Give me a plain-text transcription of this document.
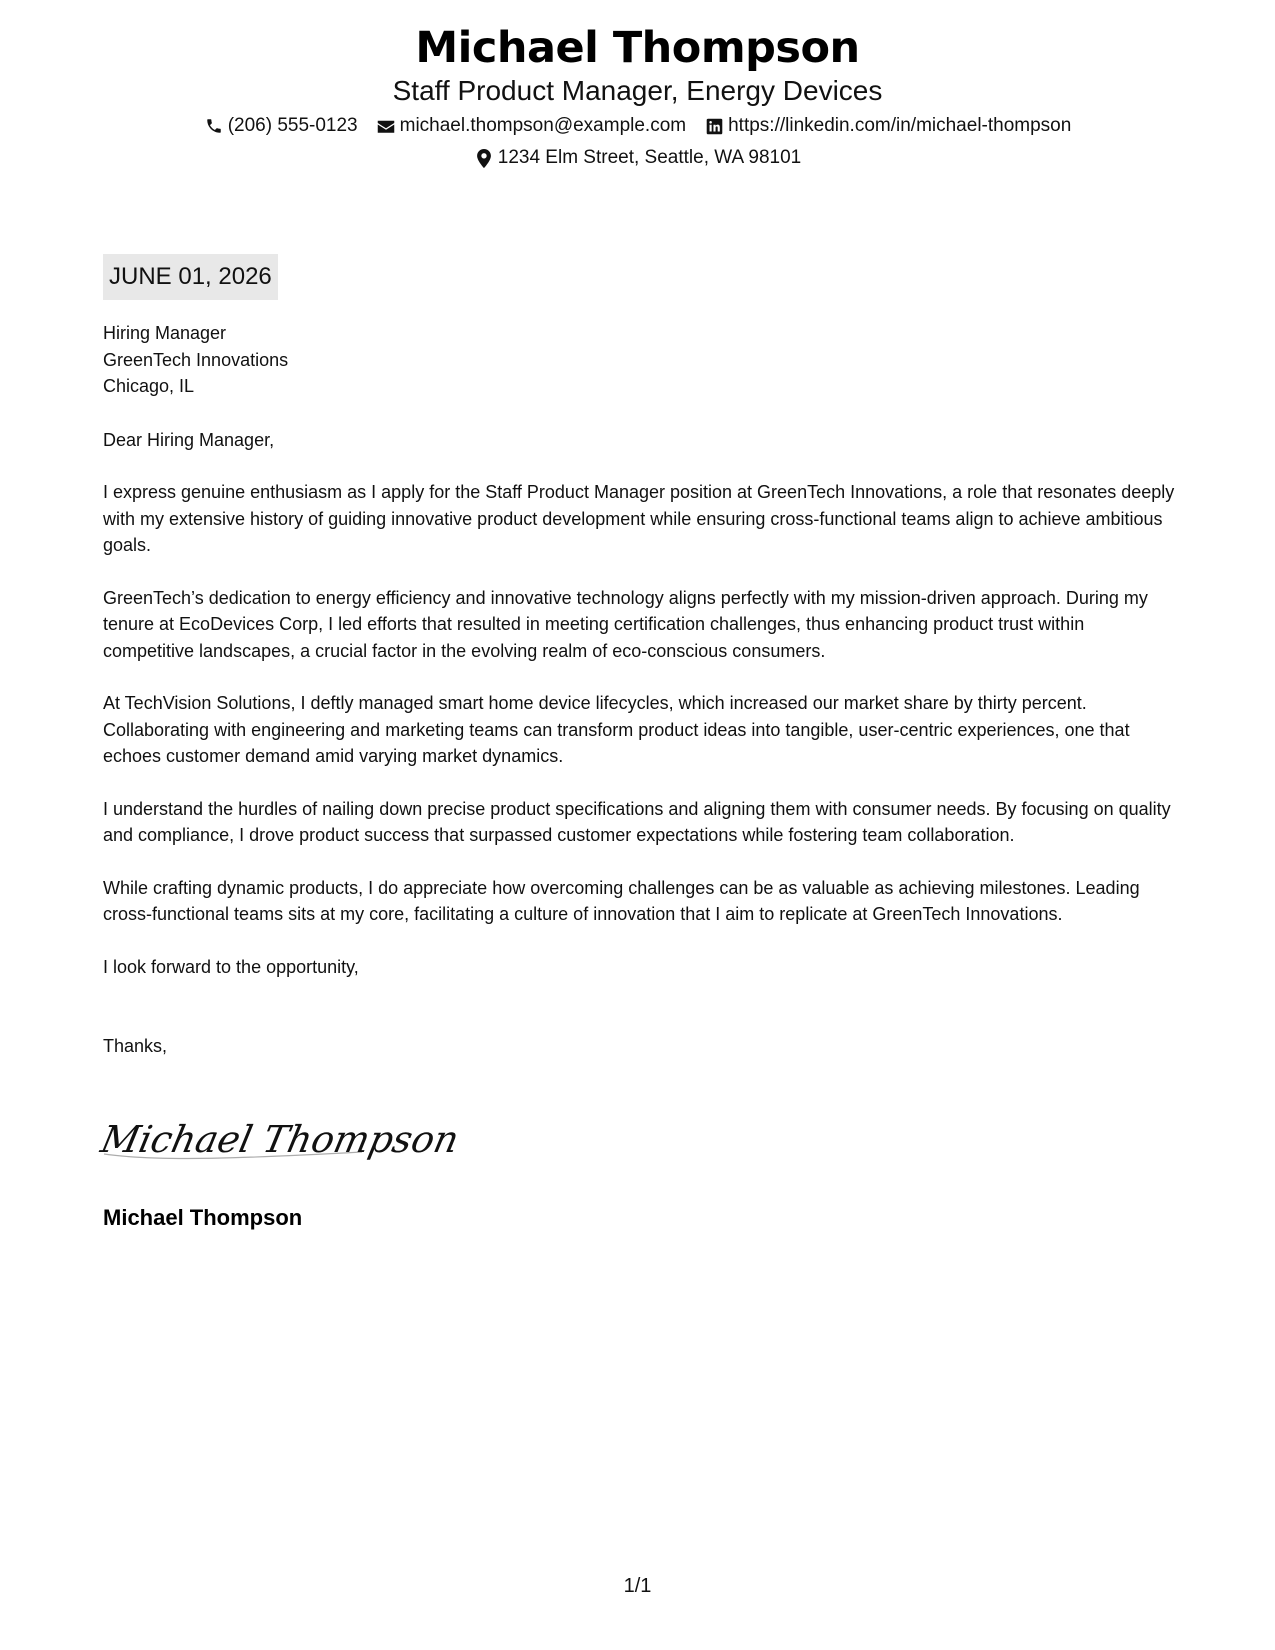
Michael Thompson
Staff Product Manager, Energy Devices
(206) 555-0123 michael.thompson@example.com https://linkedin.com/in/michael-thompson
1234 Elm Street, Seattle, WA 98101
JUNE 01, 2026
Hiring Manager
GreenTech Innovations
Chicago, IL
Dear Hiring Manager,
I express genuine enthusiasm as I apply for the Staff Product Manager position at GreenTech Innovations, a role that resonates deeply with my extensive history of guiding innovative product development while ensuring cross-functional teams align to achieve ambitious goals.
GreenTech’s dedication to energy efficiency and innovative technology aligns perfectly with my mission-driven approach. During my tenure at EcoDevices Corp, I led efforts that resulted in meeting certification challenges, thus enhancing product trust within competitive landscapes, a crucial factor in the evolving realm of eco-conscious consumers.
At TechVision Solutions, I deftly managed smart home device lifecycles, which increased our market share by thirty percent. Collaborating with engineering and marketing teams can transform product ideas into tangible, user-centric experiences, one that echoes customer demand amid varying market dynamics.
I understand the hurdles of nailing down precise product specifications and aligning them with consumer needs. By focusing on quality and compliance, I drove product success that surpassed customer expectations while fostering team collaboration.
While crafting dynamic products, I do appreciate how overcoming challenges can be as valuable as achieving milestones. Leading cross-functional teams sits at my core, facilitating a culture of innovation that I aim to replicate at GreenTech Innovations.
I look forward to the opportunity,
Thanks,
Michael Thompson
Michael Thompson
1/1
